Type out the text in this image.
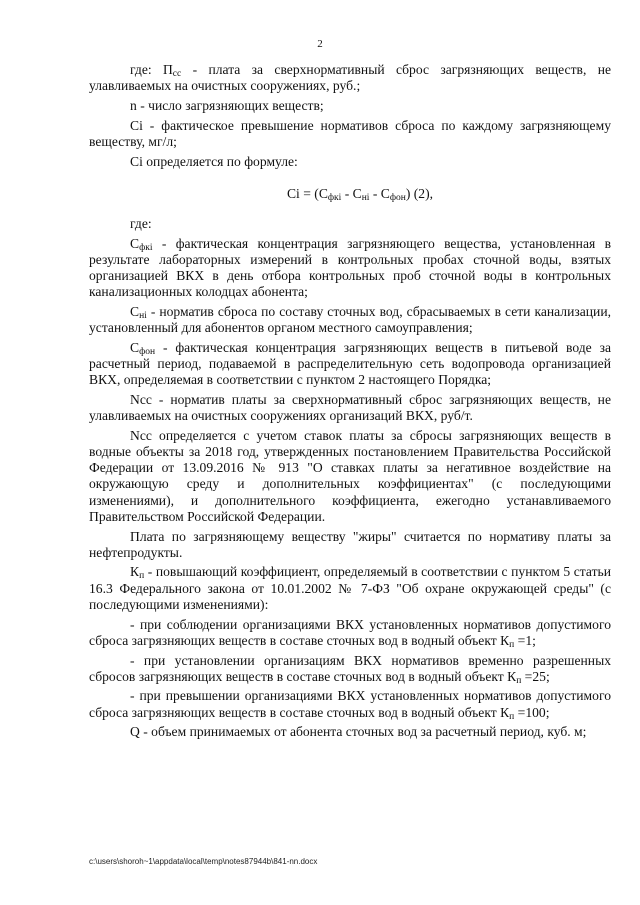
2

где: $П_{сс}$ - плата за сверхнормативный сброс загрязняющих веществ, не улавливаемых на очистных сооружениях, руб.;

n - число загрязняющих веществ;

Ci - фактическое превышение нормативов сброса по каждому загрязняющему веществу, мг/л;

Ci определяется по формуле:

$Ci = (C_{фкi} - C_{нi} - C_{фон})$ (2),

где:

$C_{фкi}$ - фактическая концентрация загрязняющего вещества, установленная в результате лабораторных измерений в контрольных пробах сточной воды, взятых организацией ВКХ в день отбора контрольных проб сточной воды в контрольных канализационных колодцах абонента;

$C_{нi}$ - норматив сброса по составу сточных вод, сбрасываемых в сети канализации, установленный для абонентов органом местного самоуправления;

$C_{фон}$ - фактическая концентрация загрязняющих веществ в питьевой воде за расчетный период, подаваемой в распределительную сеть водопровода организацией ВКХ, определяемая в соответствии с пунктом 2 настоящего Порядка;

Ncc - норматив платы за сверхнормативный сброс загрязняющих веществ, не улавливаемых на очистных сооружениях организаций ВКХ, руб/т.

Ncc определяется с учетом ставок платы за сбросы загрязняющих веществ в водные объекты за 2018 год, утвержденных постановлением Правительства Российской Федерации от 13.09.2016 № 913 "О ставках платы за негативное воздействие на окружающую среду и дополнительных коэффициентах" (с последующими изменениями), и дополнительного коэффициента, ежегодно устанавливаемого Правительством Российской Федерации.

Плата по загрязняющему веществу "жиры" считается по нормативу платы за нефтепродукты.

$К_п$ - повышающий коэффициент, определяемый в соответствии с пунктом 5 статьи 16.3 Федерального закона от 10.01.2002 № 7-ФЗ "Об охране окружающей среды" (с последующими изменениями):

- при соблюдении организациями ВКХ установленных нормативов допустимого сброса загрязняющих веществ в составе сточных вод в водный объект $К_п =1$;

- при установлении организациям ВКХ нормативов временно разрешенных сбросов загрязняющих веществ в составе сточных вод в водный объект $К_п =25$;

- при превышении организациями ВКХ установленных нормативов допустимого сброса загрязняющих веществ в составе сточных вод в водный объект $К_п =100$;

Q - объем принимаемых от абонента сточных вод за расчетный период, куб. м;

c:\users\shoroh~1\appdata\local\temp\notes87944b\841-nn.docx
